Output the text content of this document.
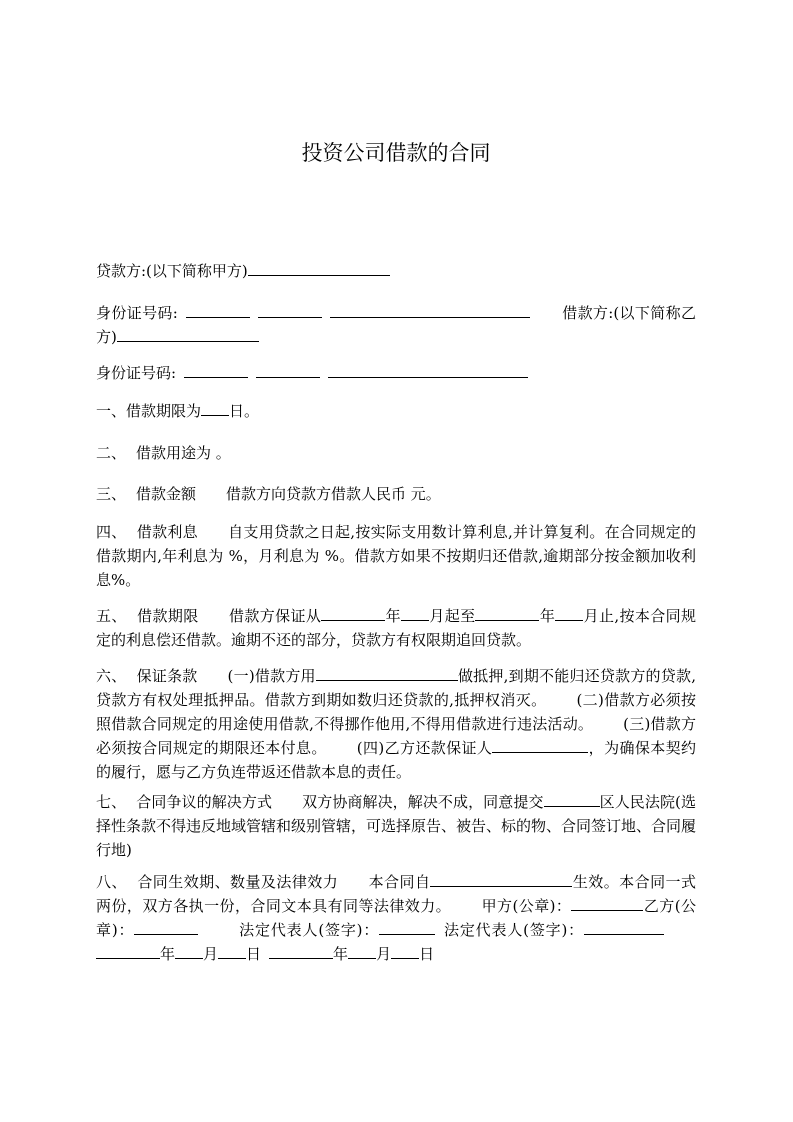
投资公司借款的合同

贷款方:(以下简称甲方)

身份证号码:	借款方:(以下简称乙方)

身份证号码:

一、借款期限为 日。

二、 借款用途为 。

三、 借款金额 借款方向贷款方借款人民币 元。

四、 借款利息 自支用贷款之日起,按实际支用数计算利息,并计算复利。在合同规定的借款期内,年利息为 %，月利息为 %。借款方如果不按期归还借款,逾期部分按金额加收利息%。

五、 借款期限 借款方保证从	年 月起至	年 月止,按本合同规定的利息偿还借款。逾期不还的部分，贷款方有权限期追回贷款。

六、 保证条款 (一)借款方用	做抵押,到期不能归还贷款方的贷款,贷款方有权处理抵押品。借款方到期如数归还贷款的,抵押权消灭。 (二)借款方必须按照借款合同规定的用途使用借款,不得挪作他用,不得用借款进行违法活动。 (三)借款方必须按合同规定的期限还本付息。 (四)乙方还款保证人	，为确保本契约的履行，愿与乙方负连带返还借款本息的责任。

七、 合同争议的解决方式 双方协商解决，解决不成，同意提交	区人民法院(选择性条款不得违反地域管辖和级别管辖，可选择原告、被告、标的物、合同签订地、合同履行地)

八、 合同生效期、数量及法律效力 本合同自	生效。本合同一式两份，双方各执一份，合同文本具有同等法律效力。 甲方(公章)：	乙方(公章)：	法定代表人(签字)：	法定代表人(签字)：年 月 日	年 月 日
